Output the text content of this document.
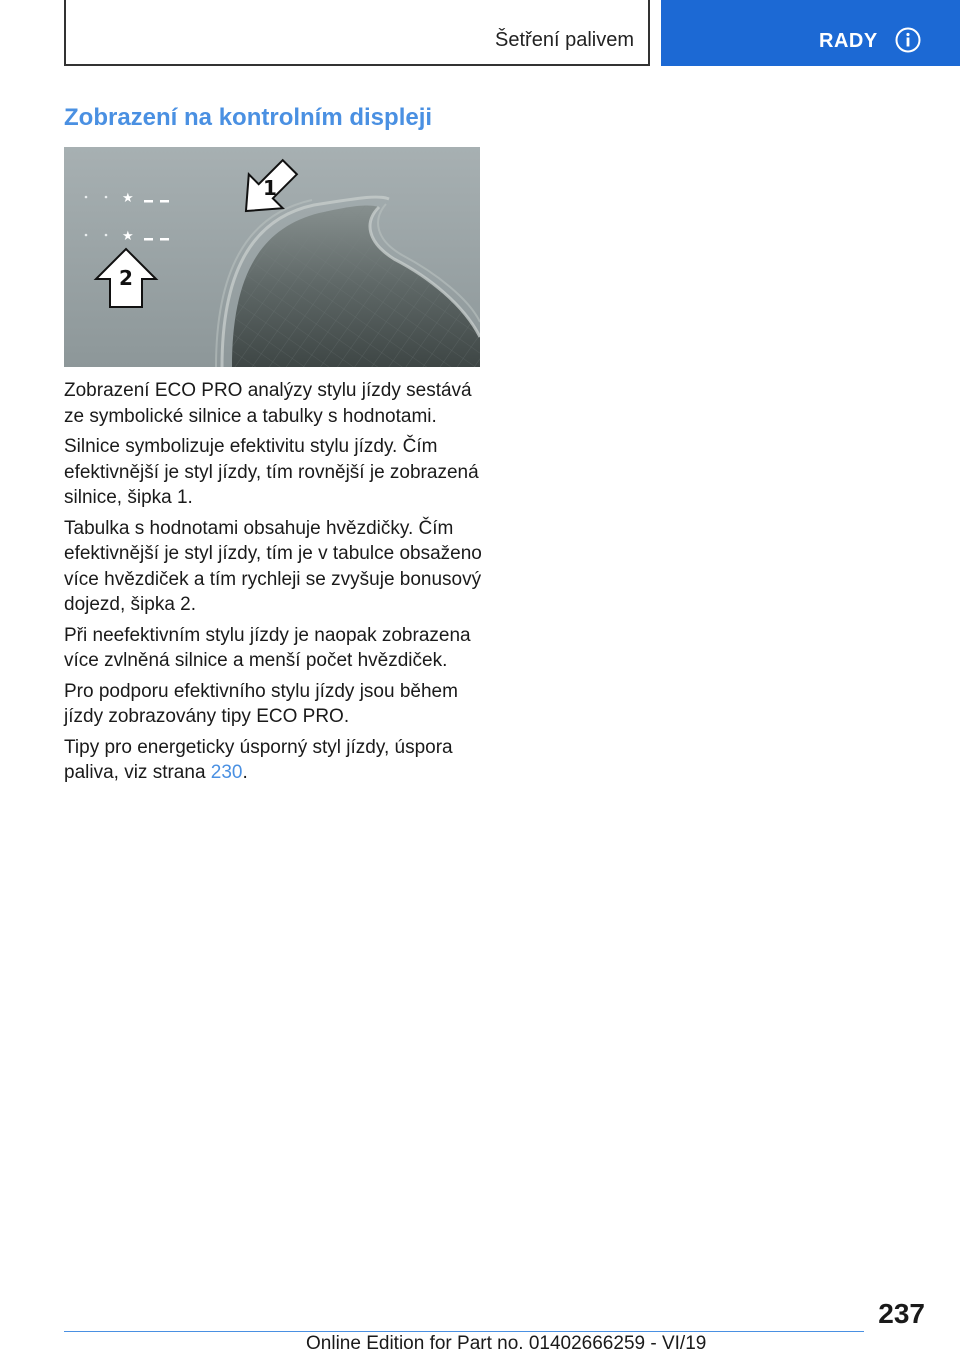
Šetření palivem	RADY
Zobrazení na kontrolním displeji
★
★
1
2

Zobrazení ECO PRO analýzy stylu jízdy sestává
ze symbolické silnice a tabulky s hodnotami.

Silnice symbolizuje efektivitu stylu jízdy. Čím
efektivnější je styl jízdy, tím rovnější je zobrazená
silnice, šipka 1.

Tabulka s hodnotami obsahuje hvězdičky. Čím
efektivnější je styl jízdy, tím je v tabulce obsaženo
více hvězdiček a tím rychleji se zvyšuje bonusový
dojezd, šipka 2.

Při neefektivním stylu jízdy je naopak zobrazena
více zvlněná silnice a menší počet hvězdiček.

Pro podporu efektivního stylu jízdy jsou během
jízdy zobrazovány tipy ECO PRO.

Tipy pro energeticky úsporný styl jízdy, úspora
paliva, viz strana 230.

237
Online Edition for Part no. 01402666259 - VI/19
